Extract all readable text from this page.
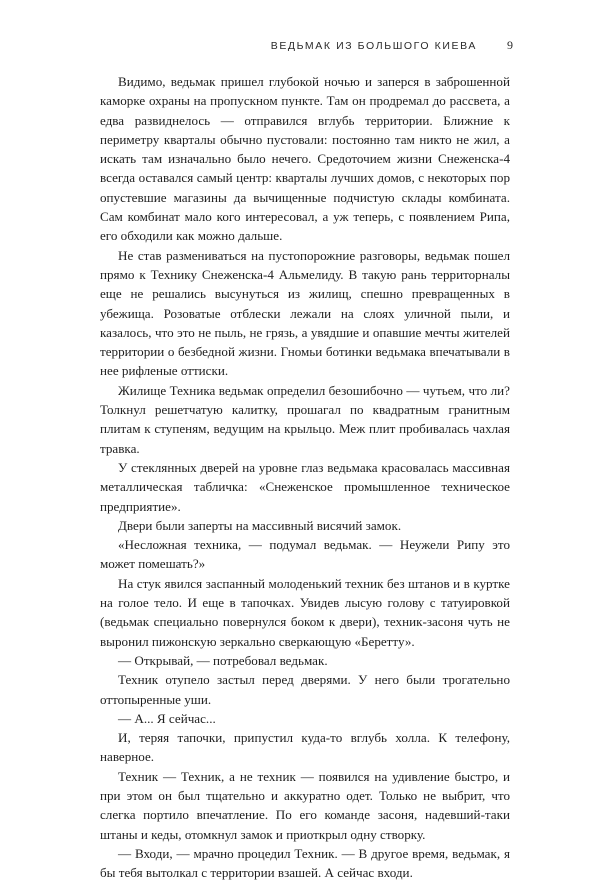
ВЕДЬМАК ИЗ БОЛЬШОГО КИЕВА	9

Видимо, ведьмак пришел глубокой ночью и заперся в заброшенной каморке охраны на пропускном пункте. Там он продремал до рассвета, а едва развиднелось — отправился вглубь территории. Ближние к периметру кварталы обычно пустовали: постоянно там никто не жил, а искать там изначально было нечего. Средоточием жизни Снеженска-4 всегда оставался самый центр: кварталы лучших домов, с некоторых пор опустевшие магазины да вычищенные подчистую склады комбината. Сам комбинат мало кого интересовал, а уж теперь, с появлением Рипа, его обходили как можно дальше.

Не став размениваться на пустопорожние разговоры, ведьмак пошел прямо к Технику Снеженска-4 Альмелиду. В такую рань территорналы еще не решались высунуться из жилищ, спешно превращенных в убежища. Розоватые отблески лежали на слоях уличной пыли, и казалось, что это не пыль, не грязь, а увядшие и опавшие мечты жителей территории о безбедной жизни. Гномьи ботинки ведьмака впечатывали в нее рифленые оттиски.

Жилище Техника ведьмак определил безошибочно — чутьем, что ли? Толкнул решетчатую калитку, прошагал по квадратным гранитным плитам к ступеням, ведущим на крыльцо. Меж плит пробивалась чахлая травка.

У стеклянных дверей на уровне глаз ведьмака красовалась массивная металлическая табличка: «Снеженское промышленное техническое предприятие».

Двери были заперты на массивный висячий замок.

«Несложная техника, — подумал ведьмак. — Неужели Рипу это может помешать?»

На стук явился заспанный молоденький техник без штанов и в куртке на голое тело. И еще в тапочках. Увидев лысую голову с татуировкой (ведьмак специально повернулся боком к двери), техник-засоня чуть не выронил пижонскую зеркально сверкающую «Беретту».

— Открывай, — потребовал ведьмак.

Техник отупело застыл перед дверями. У него были трогательно оттопыренные уши.

— А... Я сейчас...

И, теряя тапочки, припустил куда-то вглубь холла. К телефону, наверное.

Техник — Техник, а не техник — появился на удивление быстро, и при этом он был тщательно и аккуратно одет. Только не выбрит, что слегка портило впечатление. По его команде засоня, надевший-таки штаны и кеды, отомкнул замок и приоткрыл одну створку.

— Входи, — мрачно процедил Техник. — В другое время, ведьмак, я бы тебя вытолкал с территории взашей. А сейчас входи.
